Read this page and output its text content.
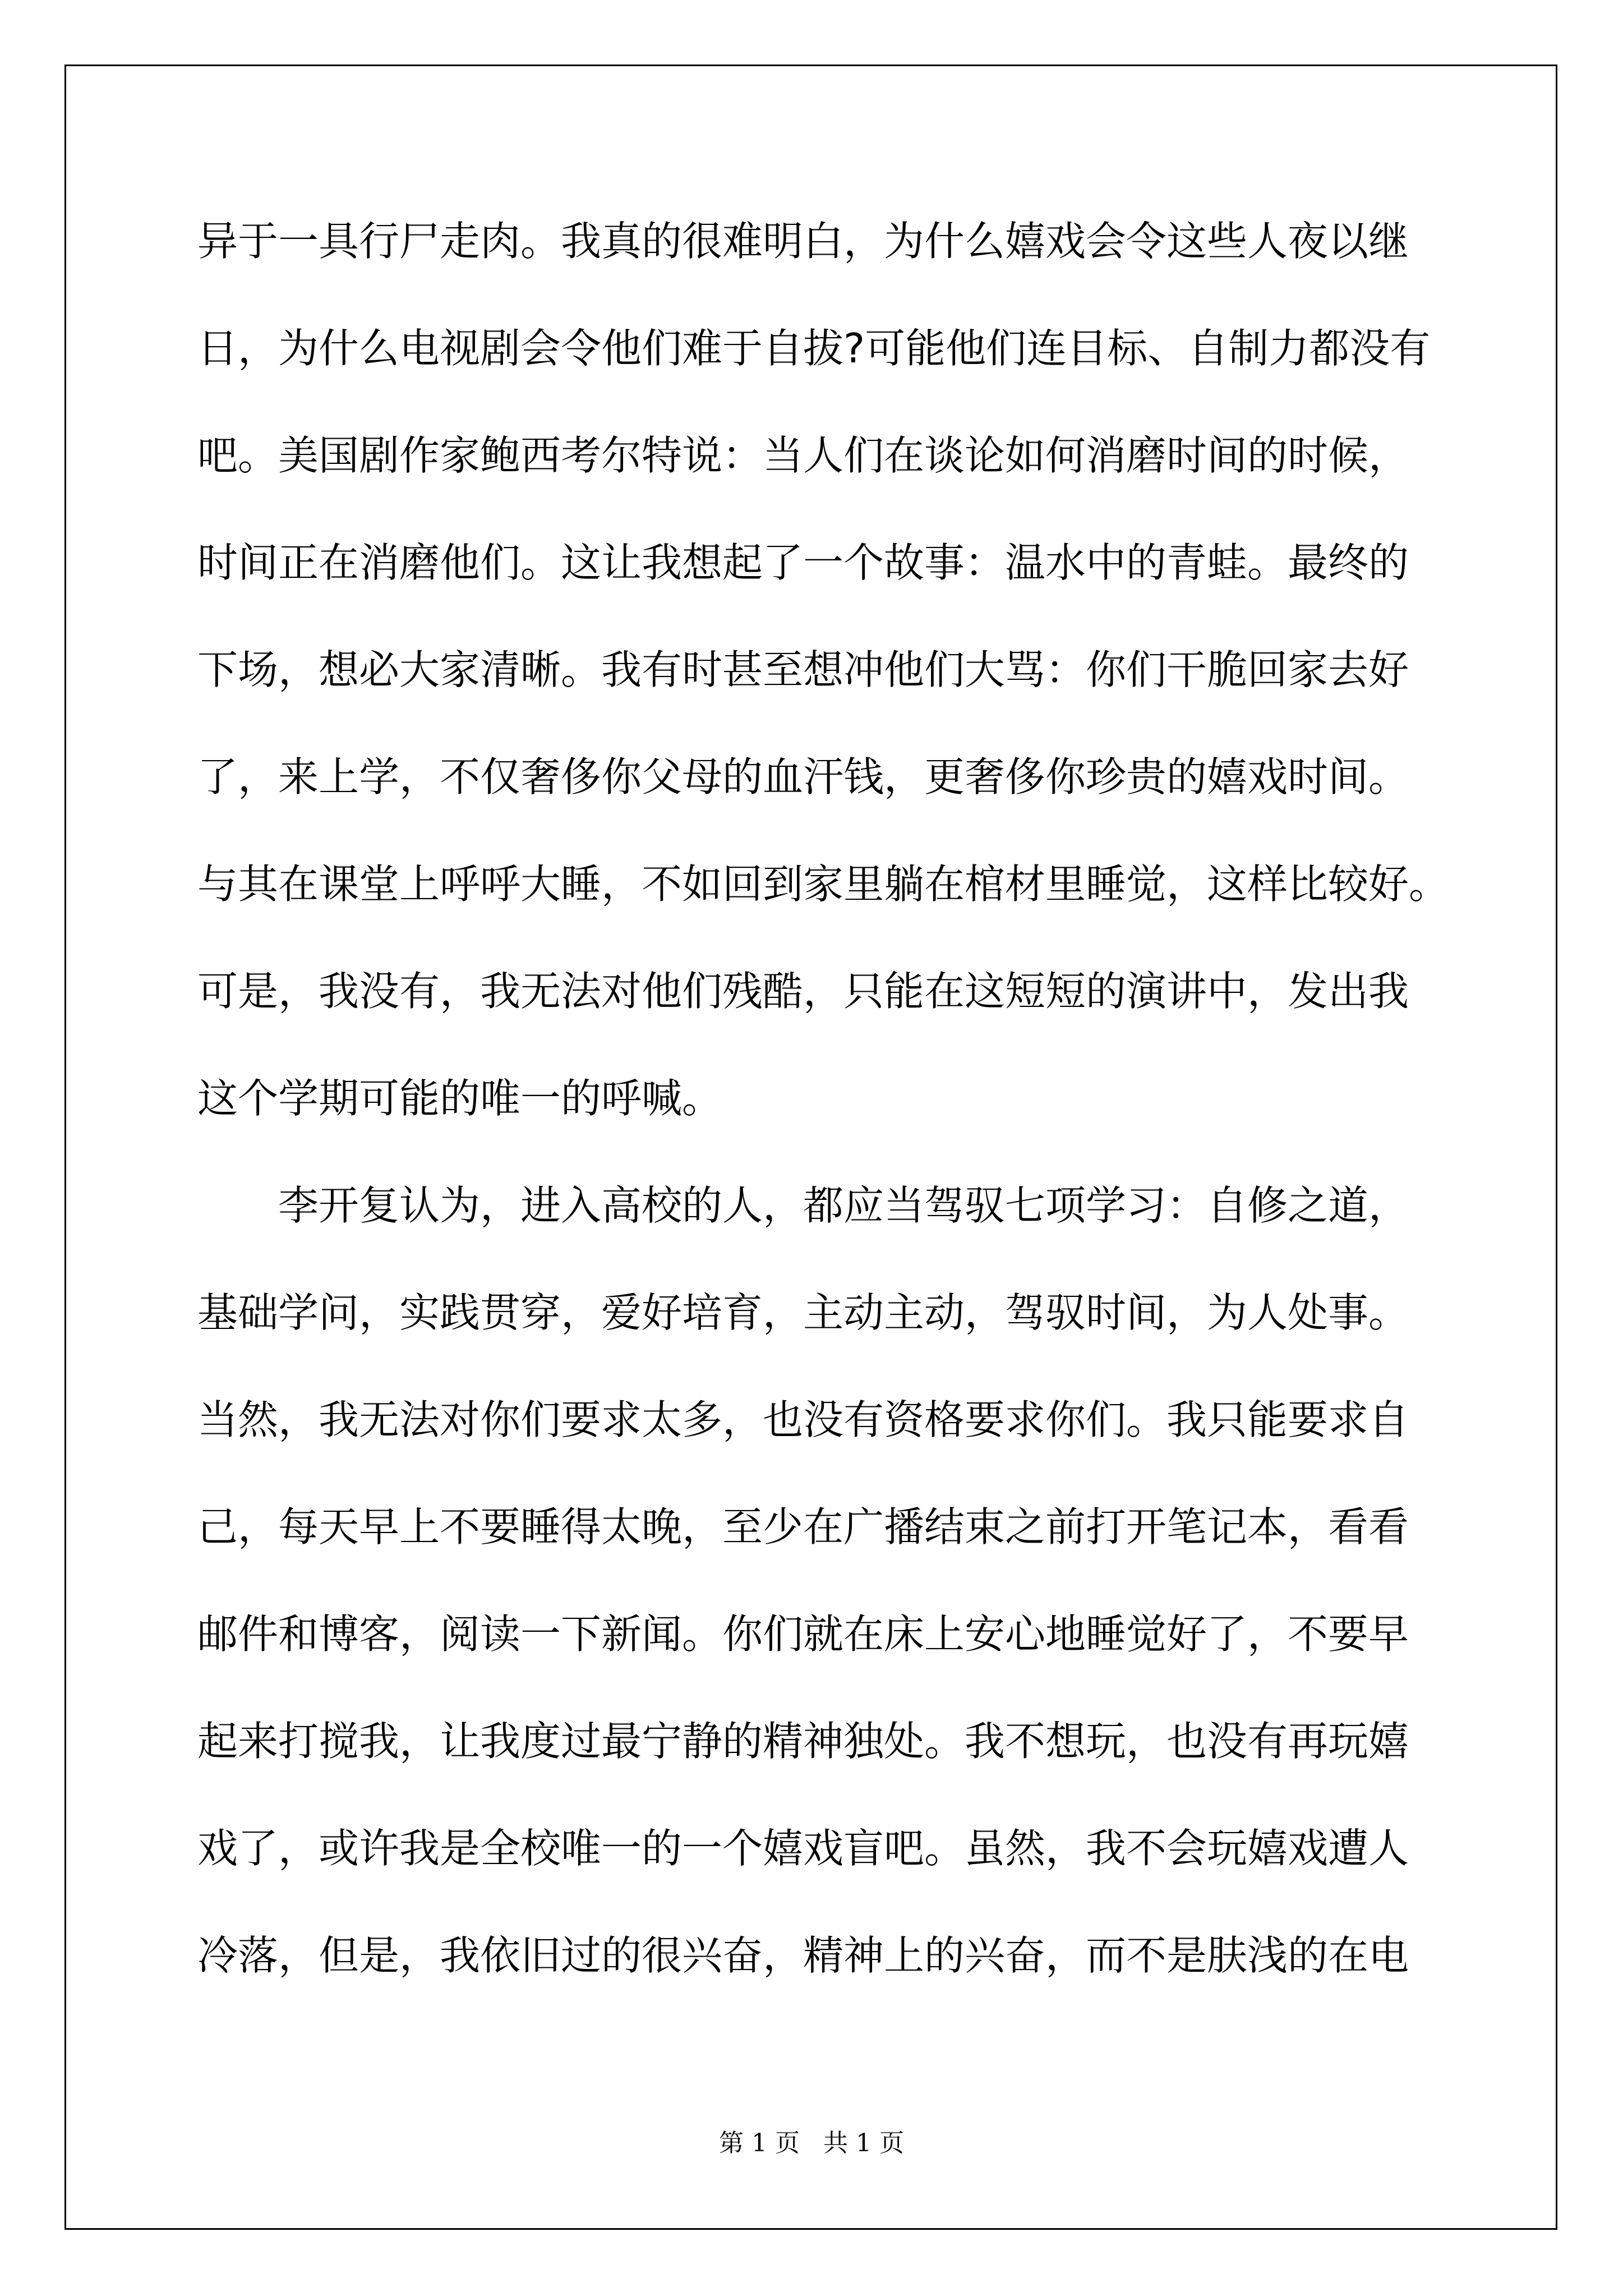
异于一具行尸走肉。我真的很难明白，为什么嬉戏会令这些人夜以继
日，为什么电视剧会令他们难于自拔?可能他们连目标、自制力都没有
吧。美国剧作家鲍西考尔特说：当人们在谈论如何消磨时间的时候，
时间正在消磨他们。这让我想起了一个故事：温水中的青蛙。最终的
下场，想必大家清晰。我有时甚至想冲他们大骂：你们干脆回家去好
了，来上学，不仅奢侈你父母的血汗钱，更奢侈你珍贵的嬉戏时间。
与其在课堂上呼呼大睡，不如回到家里躺在棺材里睡觉，这样比较好。
可是，我没有，我无法对他们残酷，只能在这短短的演讲中，发出我
这个学期可能的唯一的呼喊。
李开复认为，进入高校的人，都应当驾驭七项学习：自修之道，
基础学问，实践贯穿，爱好培育，主动主动，驾驭时间，为人处事。
当然，我无法对你们要求太多，也没有资格要求你们。我只能要求自
己，每天早上不要睡得太晚，至少在广播结束之前打开笔记本，看看
邮件和博客，阅读一下新闻。你们就在床上安心地睡觉好了，不要早
起来打搅我，让我度过最宁静的精神独处。我不想玩，也没有再玩嬉
戏了，或许我是全校唯一的一个嬉戏盲吧。虽然，我不会玩嬉戏遭人
冷落，但是，我依旧过的很兴奋，精神上的兴奋，而不是肤浅的在电
第 1 页   共 1 页
